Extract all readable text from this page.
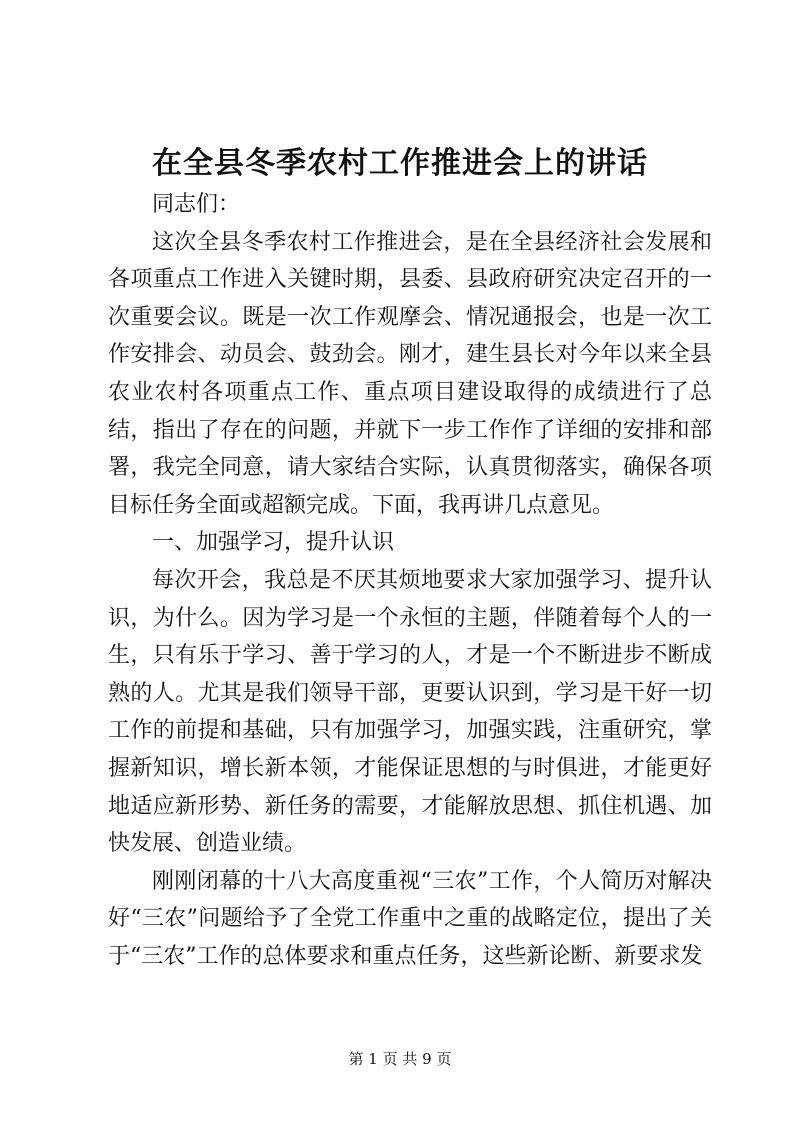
在全县冬季农村工作推进会上的讲话

同志们：

这次全县冬季农村工作推进会，是在全县经济社会发展和各项重点工作进入关键时期，县委、县政府研究决定召开的一次重要会议。既是一次工作观摩会、情况通报会，也是一次工作安排会、动员会、鼓劲会。刚才，建生县长对今年以来全县农业农村各项重点工作、重点项目建设取得的成绩进行了总结，指出了存在的问题，并就下一步工作作了详细的安排和部署，我完全同意，请大家结合实际，认真贯彻落实，确保各项目标任务全面或超额完成。下面，我再讲几点意见。

一、加强学习，提升认识

每次开会，我总是不厌其烦地要求大家加强学习、提升认识，为什么。因为学习是一个永恒的主题，伴随着每个人的一生，只有乐于学习、善于学习的人，才是一个不断进步不断成熟的人。尤其是我们领导干部，更要认识到，学习是干好一切工作的前提和基础，只有加强学习，加强实践，注重研究，掌握新知识，增长新本领，才能保证思想的与时俱进，才能更好地适应新形势、新任务的需要，才能解放思想、抓住机遇、加快发展、创造业绩。

刚刚闭幕的十八大高度重视“三农”工作，个人简历对解决好“三农”问题给予了全党工作重中之重的战略定位，提出了关于“三农”工作的总体要求和重点任务，这些新论断、新要求发

第 1 页 共 9 页
